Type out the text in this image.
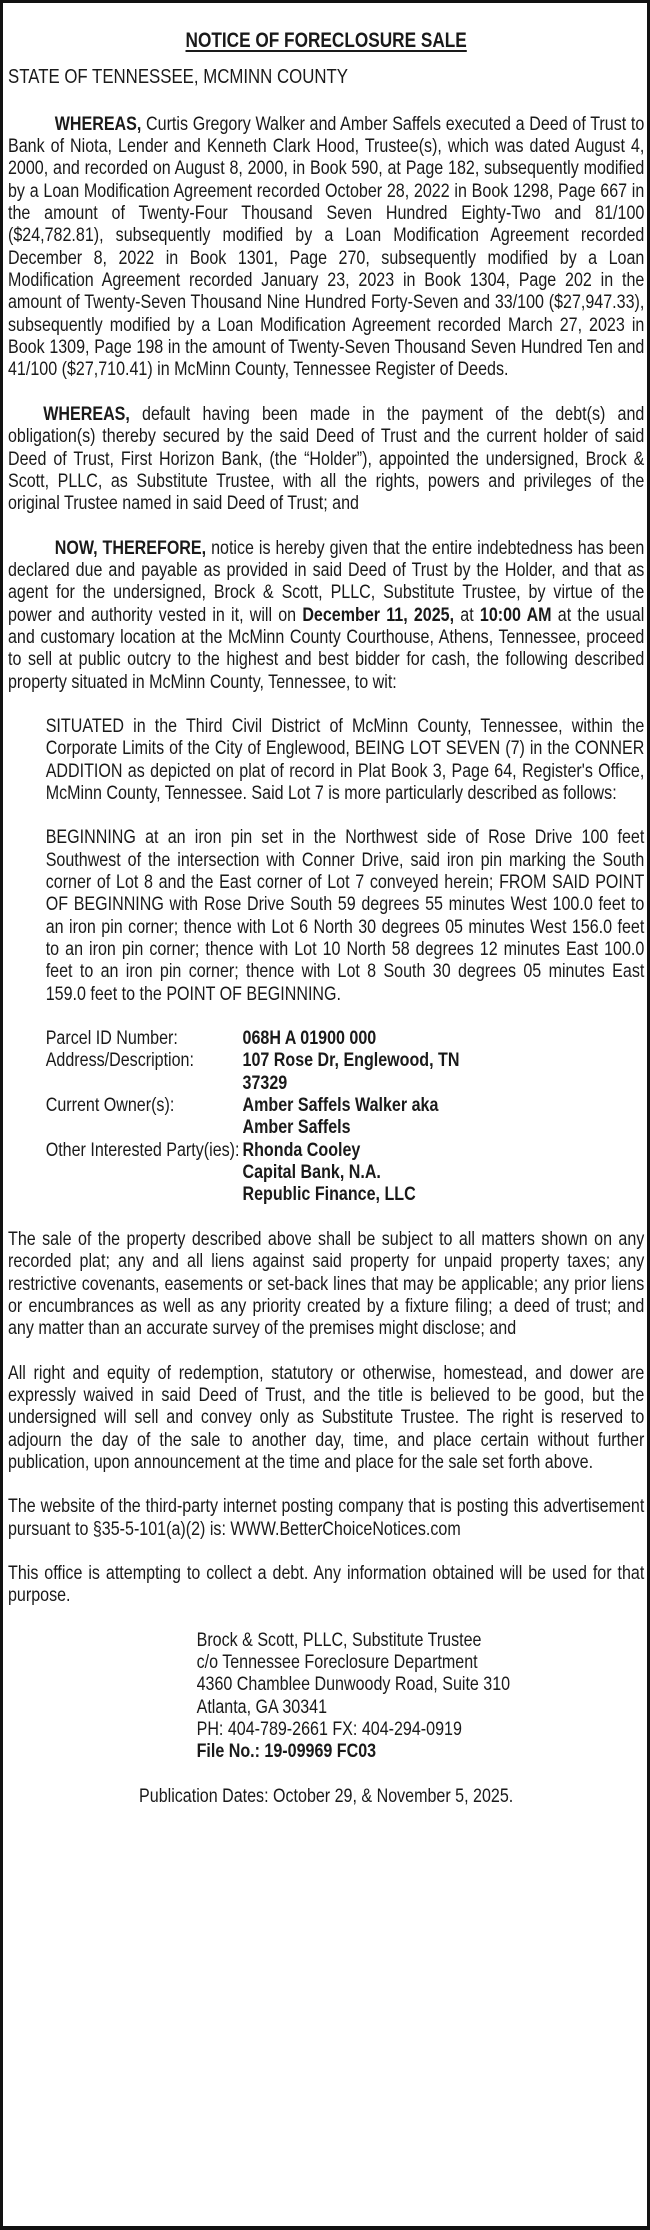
NOTICE OF FORECLOSURE SALE
STATE OF TENNESSEE, MCMINN COUNTY

WHEREAS, Curtis Gregory Walker and Amber Saffels executed a Deed of Trust to Bank of Niota, Lender and Kenneth Clark Hood, Trustee(s), which was dated August 4, 2000, and recorded on August 8, 2000, in Book 590, at Page 182, subsequently modified by a Loan Modification Agreement recorded October 28, 2022 in Book 1298, Page 667 in the amount of Twenty-Four Thousand Seven Hundred Eighty-Two and 81/100 ($24,782.81), subsequently modified by a Loan Modification Agreement recorded December 8, 2022 in Book 1301, Page 270, subsequently modified by a Loan Modification Agreement recorded January 23, 2023 in Book 1304, Page 202 in the amount of Twenty-Seven Thousand Nine Hundred Forty-Seven and 33/100 ($27,947.33), subsequently modified by a Loan Modification Agreement recorded March 27, 2023 in Book 1309, Page 198 in the amount of Twenty-Seven Thousand Seven Hundred Ten and 41/100 ($27,710.41) in McMinn County, Tennessee Register of Deeds.

WHEREAS, default having been made in the payment of the debt(s) and obligation(s) thereby secured by the said Deed of Trust and the current holder of said Deed of Trust, First Horizon Bank, (the “Holder”), appointed the undersigned, Brock & Scott, PLLC, as Substitute Trustee, with all the rights, powers and privileges of the original Trustee named in said Deed of Trust; and

NOW, THEREFORE, notice is hereby given that the entire indebtedness has been declared due and payable as provided in said Deed of Trust by the Holder, and that as agent for the undersigned, Brock & Scott, PLLC, Substitute Trustee, by virtue of the power and authority vested in it, will on December 11, 2025, at 10:00 AM at the usual and customary location at the McMinn County Courthouse, Athens, Tennessee, proceed to sell at public outcry to the highest and best bidder for cash, the following described property situated in McMinn County, Tennessee, to wit:

SITUATED in the Third Civil District of McMinn County, Tennessee, within the Corporate Limits of the City of Englewood, BEING LOT SEVEN (7) in the CONNER ADDITION as depicted on plat of record in Plat Book 3, Page 64, Register's Office, McMinn County, Tennessee. Said Lot 7 is more particularly described as follows:

BEGINNING at an iron pin set in the Northwest side of Rose Drive 100 feet Southwest of the intersection with Conner Drive, said iron pin marking the South corner of Lot 8 and the East corner of Lot 7 conveyed herein; FROM SAID POINT OF BEGINNING with Rose Drive South 59 degrees 55 minutes West 100.0 feet to an iron pin corner; thence with Lot 6 North 30 degrees 05 minutes West 156.0 feet to an iron pin corner; thence with Lot 10 North 58 degrees 12 minutes East 100.0 feet to an iron pin corner; thence with Lot 8 South 30 degrees 05 minutes East 159.0 feet to the POINT OF BEGINNING.

Parcel ID Number:	068H A 01900 000
Address/Description:	107 Rose Dr, Englewood, TN
37329
Current Owner(s):	Amber Saffels Walker aka
Amber Saffels
Other Interested Party(ies): Rhonda Cooley
Capital Bank, N.A.
Republic Finance, LLC

The sale of the property described above shall be subject to all matters shown on any recorded plat; any and all liens against said property for unpaid property taxes; any restrictive covenants, easements or set-back lines that may be applicable; any prior liens or encumbrances as well as any priority created by a fixture filing; a deed of trust; and any matter than an accurate survey of the premises might disclose; and

All right and equity of redemption, statutory or otherwise, homestead, and dower are expressly waived in said Deed of Trust, and the title is believed to be good, but the undersigned will sell and convey only as Substitute Trustee. The right is reserved to adjourn the day of the sale to another day, time, and place certain without further publication, upon announcement at the time and place for the sale set forth above.

The website of the third-party internet posting company that is posting this advertisement pursuant to §35-5-101(a)(2) is: WWW.BetterChoiceNotices.com

This office is attempting to collect a debt. Any information obtained will be used for that purpose.

Brock & Scott, PLLC, Substitute Trustee
c/o Tennessee Foreclosure Department
4360 Chamblee Dunwoody Road, Suite 310
Atlanta, GA 30341
PH: 404-789-2661 FX: 404-294-0919
File No.: 19-09969 FC03
Publication Dates: October 29, & November 5, 2025.
